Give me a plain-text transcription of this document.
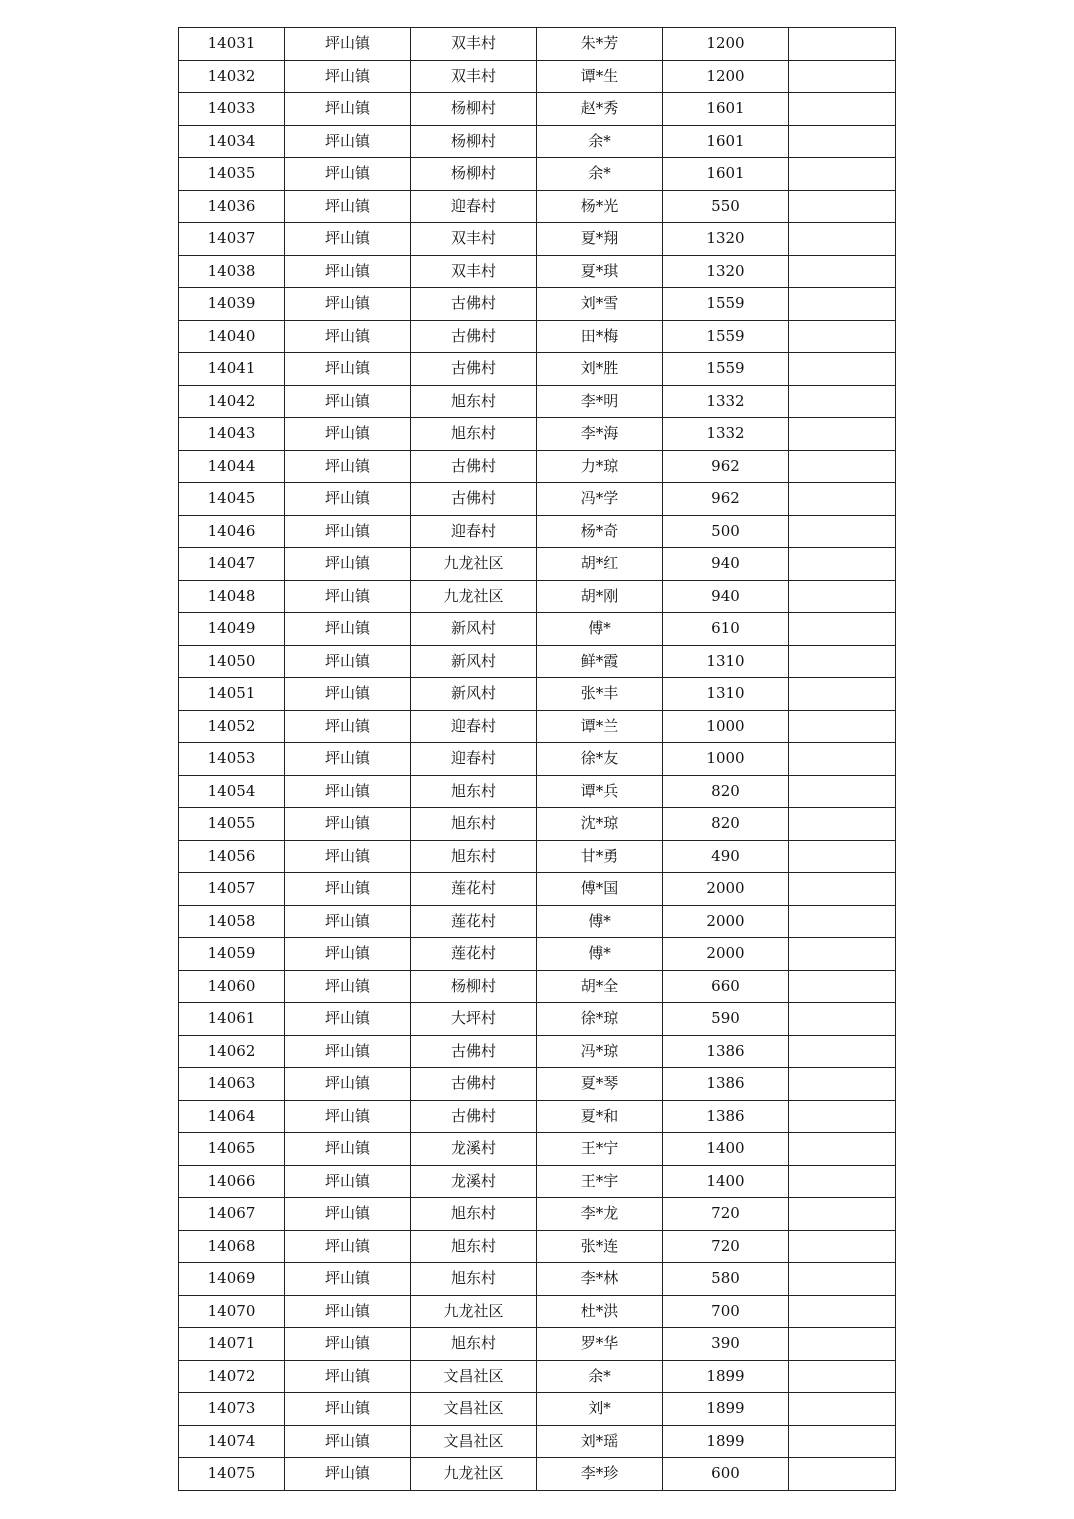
14031	坪山镇	双丰村	朱*芳	1200	
14032	坪山镇	双丰村	谭*生	1200	
14033	坪山镇	杨柳村	赵*秀	1601	
14034	坪山镇	杨柳村	余*	1601	
14035	坪山镇	杨柳村	余*	1601	
14036	坪山镇	迎春村	杨*光	550	
14037	坪山镇	双丰村	夏*翔	1320	
14038	坪山镇	双丰村	夏*琪	1320	
14039	坪山镇	古佛村	刘*雪	1559	
14040	坪山镇	古佛村	田*梅	1559	
14041	坪山镇	古佛村	刘*胜	1559	
14042	坪山镇	旭东村	李*明	1332	
14043	坪山镇	旭东村	李*海	1332	
14044	坪山镇	古佛村	力*琼	962	
14045	坪山镇	古佛村	冯*学	962	
14046	坪山镇	迎春村	杨*奇	500	
14047	坪山镇	九龙社区	胡*红	940	
14048	坪山镇	九龙社区	胡*刚	940	
14049	坪山镇	新风村	傅*	610	
14050	坪山镇	新风村	鲜*霞	1310	
14051	坪山镇	新风村	张*丰	1310	
14052	坪山镇	迎春村	谭*兰	1000	
14053	坪山镇	迎春村	徐*友	1000	
14054	坪山镇	旭东村	谭*兵	820	
14055	坪山镇	旭东村	沈*琼	820	
14056	坪山镇	旭东村	甘*勇	490	
14057	坪山镇	莲花村	傅*国	2000	
14058	坪山镇	莲花村	傅*	2000	
14059	坪山镇	莲花村	傅*	2000	
14060	坪山镇	杨柳村	胡*全	660	
14061	坪山镇	大坪村	徐*琼	590	
14062	坪山镇	古佛村	冯*琼	1386	
14063	坪山镇	古佛村	夏*琴	1386	
14064	坪山镇	古佛村	夏*和	1386	
14065	坪山镇	龙溪村	王*宁	1400	
14066	坪山镇	龙溪村	王*宇	1400	
14067	坪山镇	旭东村	李*龙	720	
14068	坪山镇	旭东村	张*连	720	
14069	坪山镇	旭东村	李*林	580	
14070	坪山镇	九龙社区	杜*洪	700	
14071	坪山镇	旭东村	罗*华	390	
14072	坪山镇	文昌社区	余*	1899	
14073	坪山镇	文昌社区	刘*	1899	
14074	坪山镇	文昌社区	刘*瑶	1899	
14075	坪山镇	九龙社区	李*珍	600	
